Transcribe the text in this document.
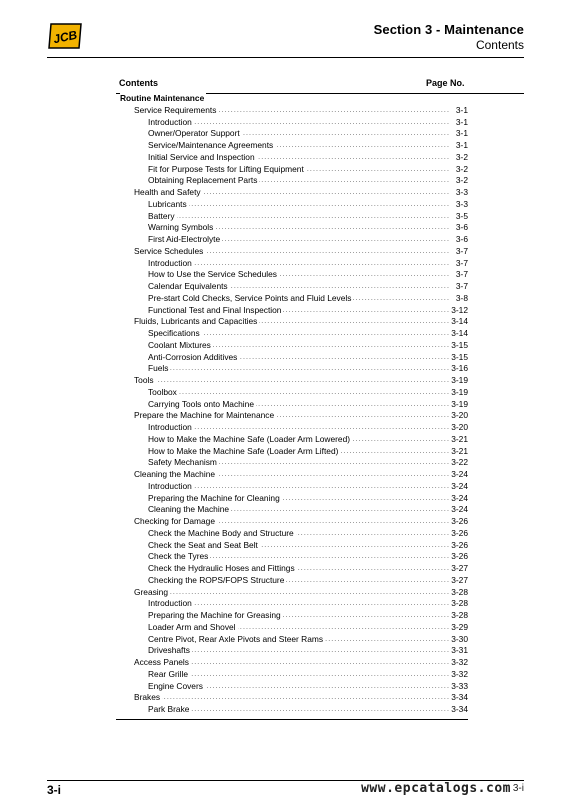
JCB	Section 3 - Maintenance
Contents
Contents	Page No.
Routine Maintenance
.....
Service Requirements	3-1
.....
Introduction	3-1
.....
Owner/Operator Support	3-1
.....
Service/Maintenance Agreements	3-1
.....
Initial Service and Inspection	3-2
.....
Fit for Purpose Tests for Lifting Equipment	3-2
.....
Obtaining Replacement Parts	3-2
.....
Health and Safety	3-3
.....
Lubricants	3-3
.....
Battery	3-5
.....
Warning Symbols	3-6
.....
First Aid-Electrolyte	3-6
.....
Service Schedules	3-7
.....
Introduction	3-7
.....
How to Use the Service Schedules	3-7
.....
Calendar Equivalents	3-7
.....
Pre-start Cold Checks, Service Points and Fluid Levels	3-8
.....
Functional Test and Final Inspection	3-12
.....
Fluids, Lubricants and Capacities	3-14
.....
Specifications	3-14
.....
Coolant Mixtures	3-15
.....
Anti-Corrosion Additives	3-15
.....
Fuels	3-16
.....
Tools	3-19
.....
Toolbox	3-19
.....
Carrying Tools onto Machine	3-19
.....
Prepare the Machine for Maintenance	3-20
.....
Introduction	3-20
.....
How to Make the Machine Safe (Loader Arm Lowered)	3-21
.....
How to Make the Machine Safe (Loader Arm Lifted)	3-21
.....
Safety Mechanism	3-22
.....
Cleaning the Machine	3-24
.....
Introduction	3-24
.....
Preparing the Machine for Cleaning	3-24
.....
Cleaning the Machine	3-24
.....
Checking for Damage	3-26
.....
Check the Machine Body and Structure	3-26
.....
Check the Seat and Seat Belt	3-26
.....
Check the Tyres	3-26
.....
Check the Hydraulic Hoses and Fittings	3-27
.....
Checking the ROPS/FOPS Structure	3-27
.....
Greasing	3-28
.....
Introduction	3-28
.....
Preparing the Machine for Greasing	3-28
.....
Loader Arm and Shovel	3-29
.....
Centre Pivot, Rear Axle Pivots and Steer Rams	3-30
.....
Driveshafts	3-31
.....
Access Panels	3-32
.....
Rear Grille	3-32
.....
Engine Covers	3-33
.....
Brakes	3-34
.....
Park Brake	3-34
3-i	www.epcatalogs.com 3-i
